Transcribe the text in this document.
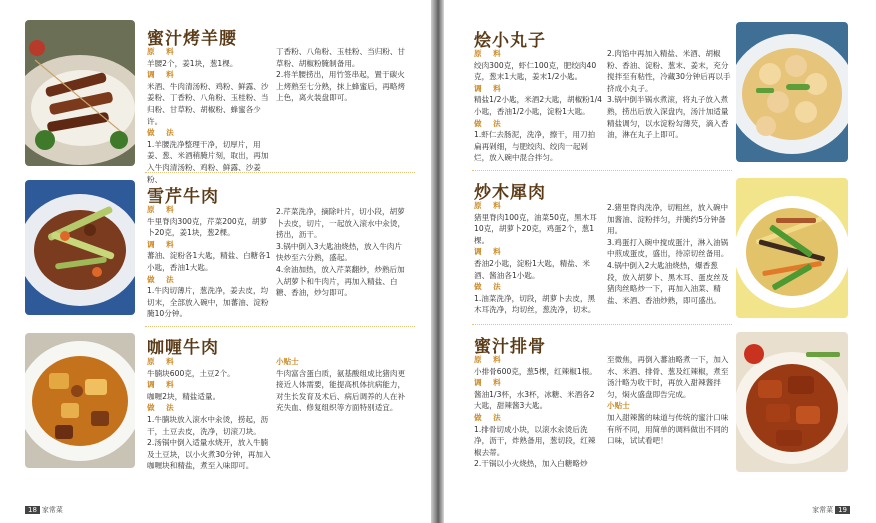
蜜汁烤羊腰
原　料
羊腰2个，姜1块，葱1棵。
调　料
米酒、牛肉清汤粉、鸡粉、鲜露、沙姜粉、丁香粉、八角粉、玉桂粉、当归粉、甘草粉、胡椒粉、蜂蜜各少许。
做　法
1.羊腰洗净整理干净，切厚片，用姜、葱、米酒稍腌片刻，取出，再加入牛肉清汤粉、鸡粉、鲜露、沙姜粉、
丁香粉、八角粉、玉桂粉、当归粉、甘草粉、胡椒粉腌制备用。
2.将羊腰捞出，用竹签串起，置于碳火上烤熟至七分熟，抹上蜂蜜后，再略烤上色，离火装盘即可。
雪芹牛肉
原　料
牛里脊肉300克，芹菜200克，胡萝卜20克，姜1块，葱2棵。
调　料
蕃油、淀粉各1大匙，精盐、白糖各1小匙，香油1大匙。
做　法
1.牛肉切薄片，葱洗净，姜去皮，均切末，全部放入碗中，加蕃油、淀粉腌10分钟。
2.芹菜洗净，摘除叶片，切小段，胡萝卜去皮，切片，一起放入滚水中汆烫，捞出，沥干。
3.锅中倒入3大匙油烧热，放入牛肉片快炒至六分熟，盛起。
4.余油加热，放入芹菜翻炒，炒熟后加入胡萝卜和牛肉片，再加入精盐、白糖、香油，炒匀即可。
咖喱牛肉
原　料
牛腩块600克，土豆2个。
调　料
咖喱2块，精盐适量。
做　法
1.牛腩块放入滚水中汆烫，捞起，沥干，土豆去皮，洗净，切滚刀块。
2.汤锅中倒入适量水烧开，放入牛腩及土豆块，以小火煮30分钟，再加入咖喱块和精盐，煮至入味即可。
小贴士
牛肉富含蛋白质，氨基酸组成比猪肉更接近人体需要，能提高机体抗病能力，对生长发育及术后、病后调养的人在补充失血、修复组织等方面特别适宜。
18 家常菜
烩小丸子
原　料
绞肉300克，虾仁100克，肥绞肉40克，葱末1大匙，姜末1/2小匙。
调　料
精盐1/2小匙，米酒2大匙，胡椒粉1/4小匙，香油1/2小匙，淀粉1大匙。
做　法
1.虾仁去肠泥，洗净，擦干，用刀拍扁再剁细，与肥绞肉、绞肉一起剁烂，放入碗中混合拌匀。
2.肉馅中再加入精盐、米酒、胡椒粉、香油、淀粉、葱末、姜末，充分搅拌至有粘性，冷藏30分钟后再以手挤成小丸子。
3.锅中倒半锅水煮滚，将丸子放入煮熟，捞出后放入深盘内，汤汁加适量精盐调匀，以水淀粉勾薄芡，滴入香油，淋在丸子上即可。
炒木犀肉
原　料
猪里脊肉100克，油菜50克，黑木耳10克，胡萝卜20克，鸡蛋2个，葱1棵。
调　料
香油2小匙，淀粉1大匙，精盐、米酒、酱油各1小匙。
做　法
1.油菜洗净，切段，胡萝卜去皮，黑木耳洗净，均切丝，葱洗净，切末。
2.猪里脊肉洗净，切粗丝，放入碗中加酱油、淀粉拌匀，并腌约5分钟备用。
3.鸡蛋打入碗中搅成蛋汁，淋入油锅中煎成蛋皮，盛出，待凉切丝备用。
4.锅中倒入2大匙油烧热，爆香葱段，放入胡萝卜、黑木耳、蛋皮丝及猪肉丝略炒一下，再加入油菜、精盐、米酒、香油炒熟，即可盛出。
蜜汁排骨
原　料
小排骨600克，葱5棵，红辣椒1根。
调　料
酱油1/3杯，水3杯，冰糖、米酒各2大匙，甜辣酱3大匙。
做　法
1.排骨切成小块，以滚水汆烫后洗净，沥干，炸熟备用，葱切段，红辣椒去蒂。
2.干锅以小火烧热，加入白糖略炒
至微焦，再倒入蕃油略煮一下，加入水、米酒、排骨、葱及红辣椒，煮至汤汁略为收干时，再放入甜辣酱拌匀，焖火盛盘即告完成。
小贴士
加入甜辣酱的味道与传统的蜜汁口味有所不同，用简单的调料做出不同的口味，试试看吧！
家常菜 19
